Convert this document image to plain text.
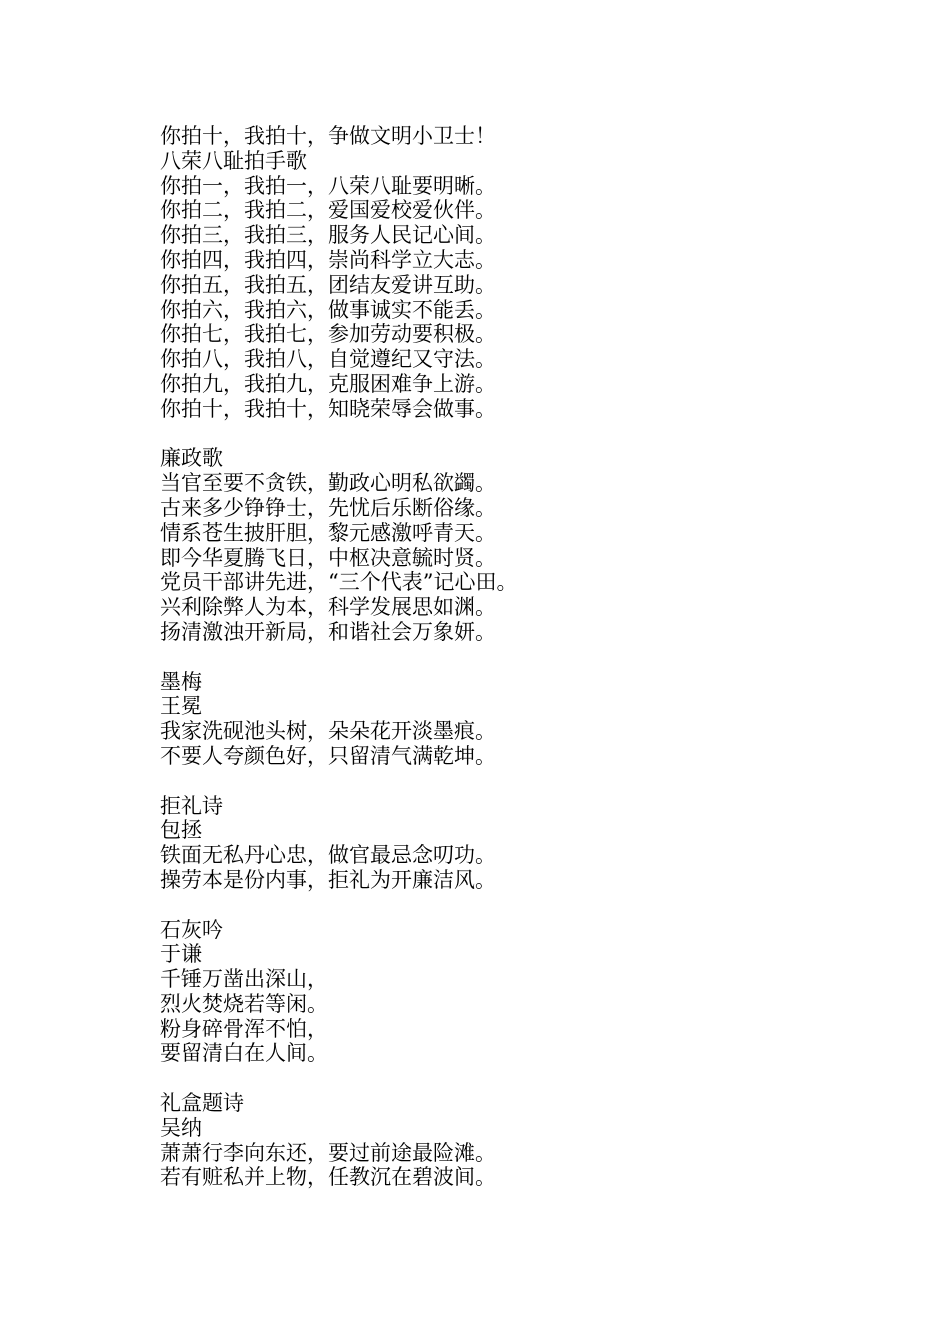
你拍十，我拍十，争做文明小卫士！
八荣八耻拍手歌
你拍一，我拍一，八荣八耻要明晰。
你拍二，我拍二，爱国爱校爱伙伴。
你拍三，我拍三，服务人民记心间。
你拍四，我拍四，崇尚科学立大志。
你拍五，我拍五，团结友爱讲互助。
你拍六，我拍六，做事诚实不能丢。
你拍七，我拍七，参加劳动要积极。
你拍八，我拍八，自觉遵纪又守法。
你拍九，我拍九，克服困难争上游。
你拍十，我拍十，知晓荣辱会做事。
廉政歌
当官至要不贪铁，勤政心明私欲蠲。
古来多少铮铮士，先忧后乐断俗缘。
情系苍生披肝胆，黎元感激呼青天。
即今华夏腾飞日，中枢决意毓时贤。
党员干部讲先进，“三个代表”记心田。
兴利除弊人为本，科学发展思如渊。
扬清激浊开新局，和谐社会万象妍。
墨梅
王冕
我家洗砚池头树，朵朵花开淡墨痕。
不要人夸颜色好，只留清气满乾坤。
拒礼诗
包拯
铁面无私丹心忠，做官最忌念叨功。
操劳本是份内事，拒礼为开廉洁风。
石灰吟
于谦
千锤万凿出深山，
烈火焚烧若等闲。
粉身碎骨浑不怕，
要留清白在人间。
礼盒题诗
吴纳
萧萧行李向东还，要过前途最险滩。
若有赃私并上物，任教沉在碧波间。
